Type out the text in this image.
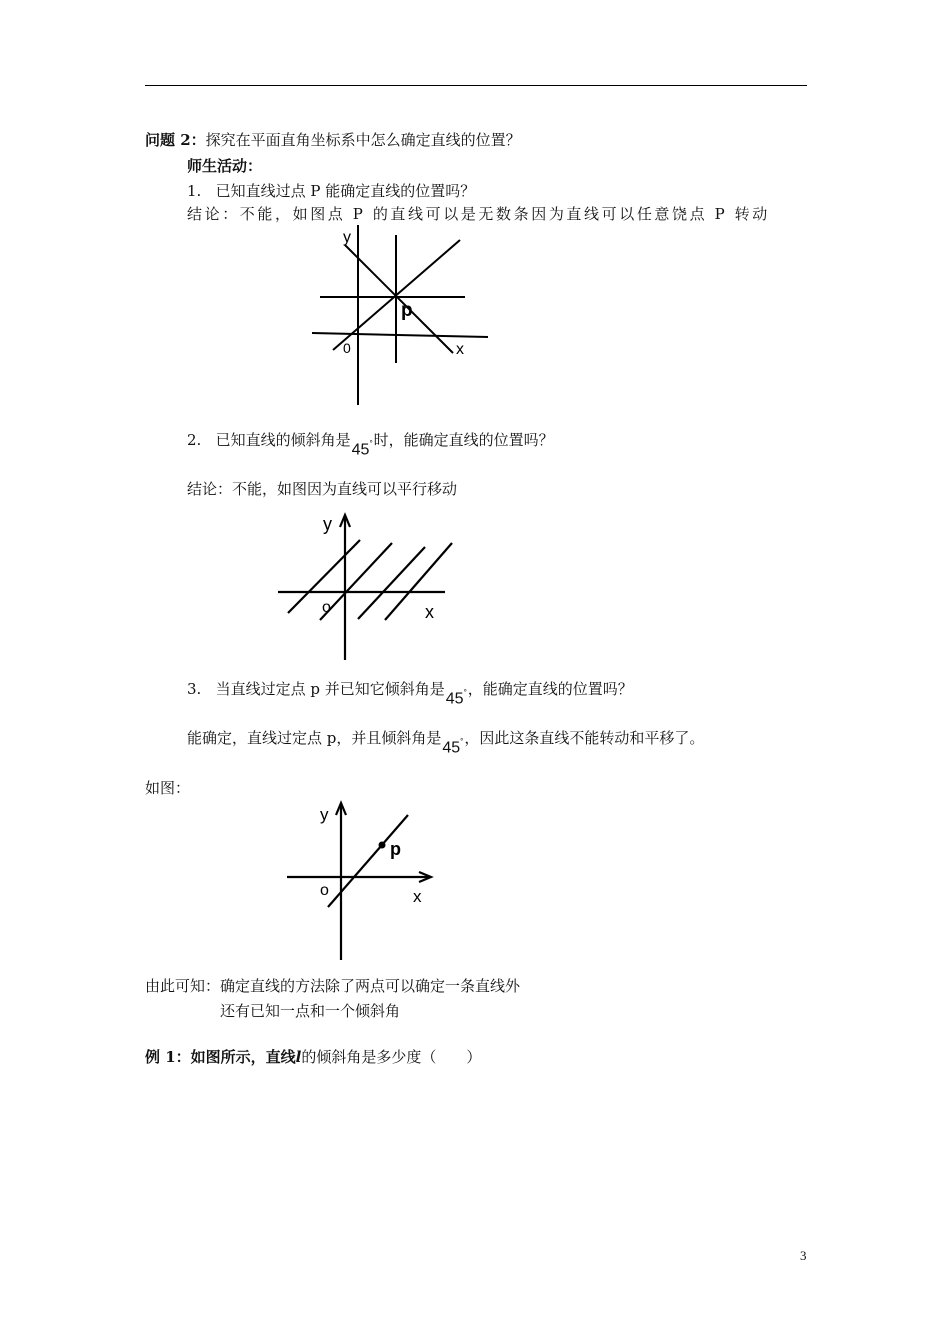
问题 2：探究在平面直角坐标系中怎么确定直线的位置？
师生活动：
1. 已知直线过点 P 能确定直线的位置吗？
结论：不能，如图点 P 的直线可以是无数条因为直线可以任意饶点 P 转动
y
p
0	x
2. 已知直线的倾斜角是45°时，能确定直线的位置吗？
结论：不能，如图因为直线可以平行移动
y
o	x
3. 当直线过定点 p 并已知它倾斜角是45°，能确定直线的位置吗？
能确定，直线过定点 p，并且倾斜角是45°，因此这条直线不能转动和平移了。
如图：
y
p
o	x
由此可知：确定直线的方法除了两点可以确定一条直线外
还有已知一点和一个倾斜角
例 1：如图所示，直线l的倾斜角是多少度（　　）
3
